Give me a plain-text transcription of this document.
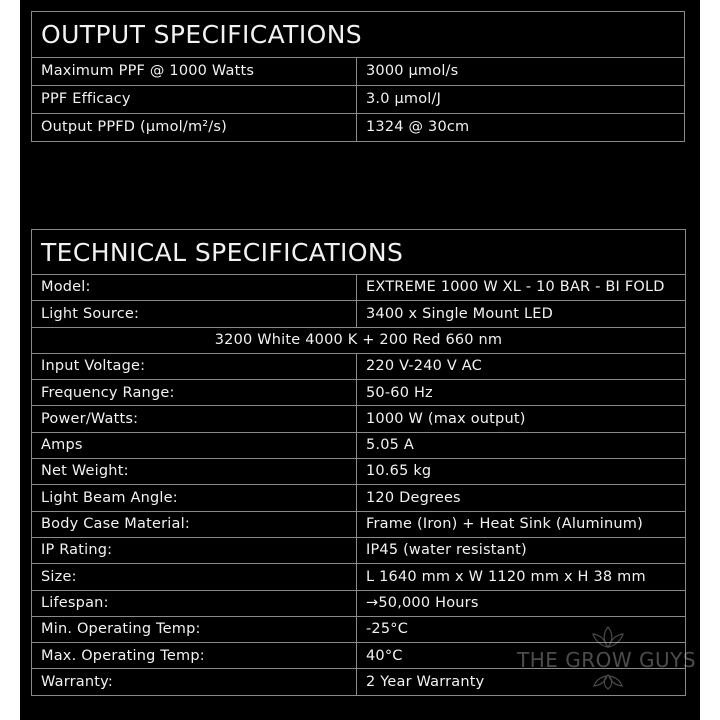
OUTPUT SPECIFICATIONS	
Maximum PPF @ 1000 Watts	3000 µmol/s
PPF Efficacy	3.0 µmol/J
Output PPFD (µmol/m²/s)	1324 @ 30cm
TECHNICAL SPECIFICATIONS	
Model:	EXTREME 1000 W XL - 10 BAR - BI FOLD
Light Source:	3400 x Single Mount LED
3200 White 4000 K + 200 Red 660 nm	
Input Voltage:	220 V-240 V AC
Frequency Range:	50-60 Hz
Power/Watts:	1000 W (max output)
Amps	5.05 A
Net Weight:	10.65 kg
Light Beam Angle:	120 Degrees
Body Case Material:	Frame (Iron) + Heat Sink (Aluminum)
IP Rating:	IP45 (water resistant)
Size:	L 1640 mm x W 1120 mm x H 38 mm
Lifespan:	→50,000 Hours
Min. Operating Temp:	-25°C
Max. Operating Temp:	40°C
Warranty:	2 Year Warranty
THE GROW GUYS
